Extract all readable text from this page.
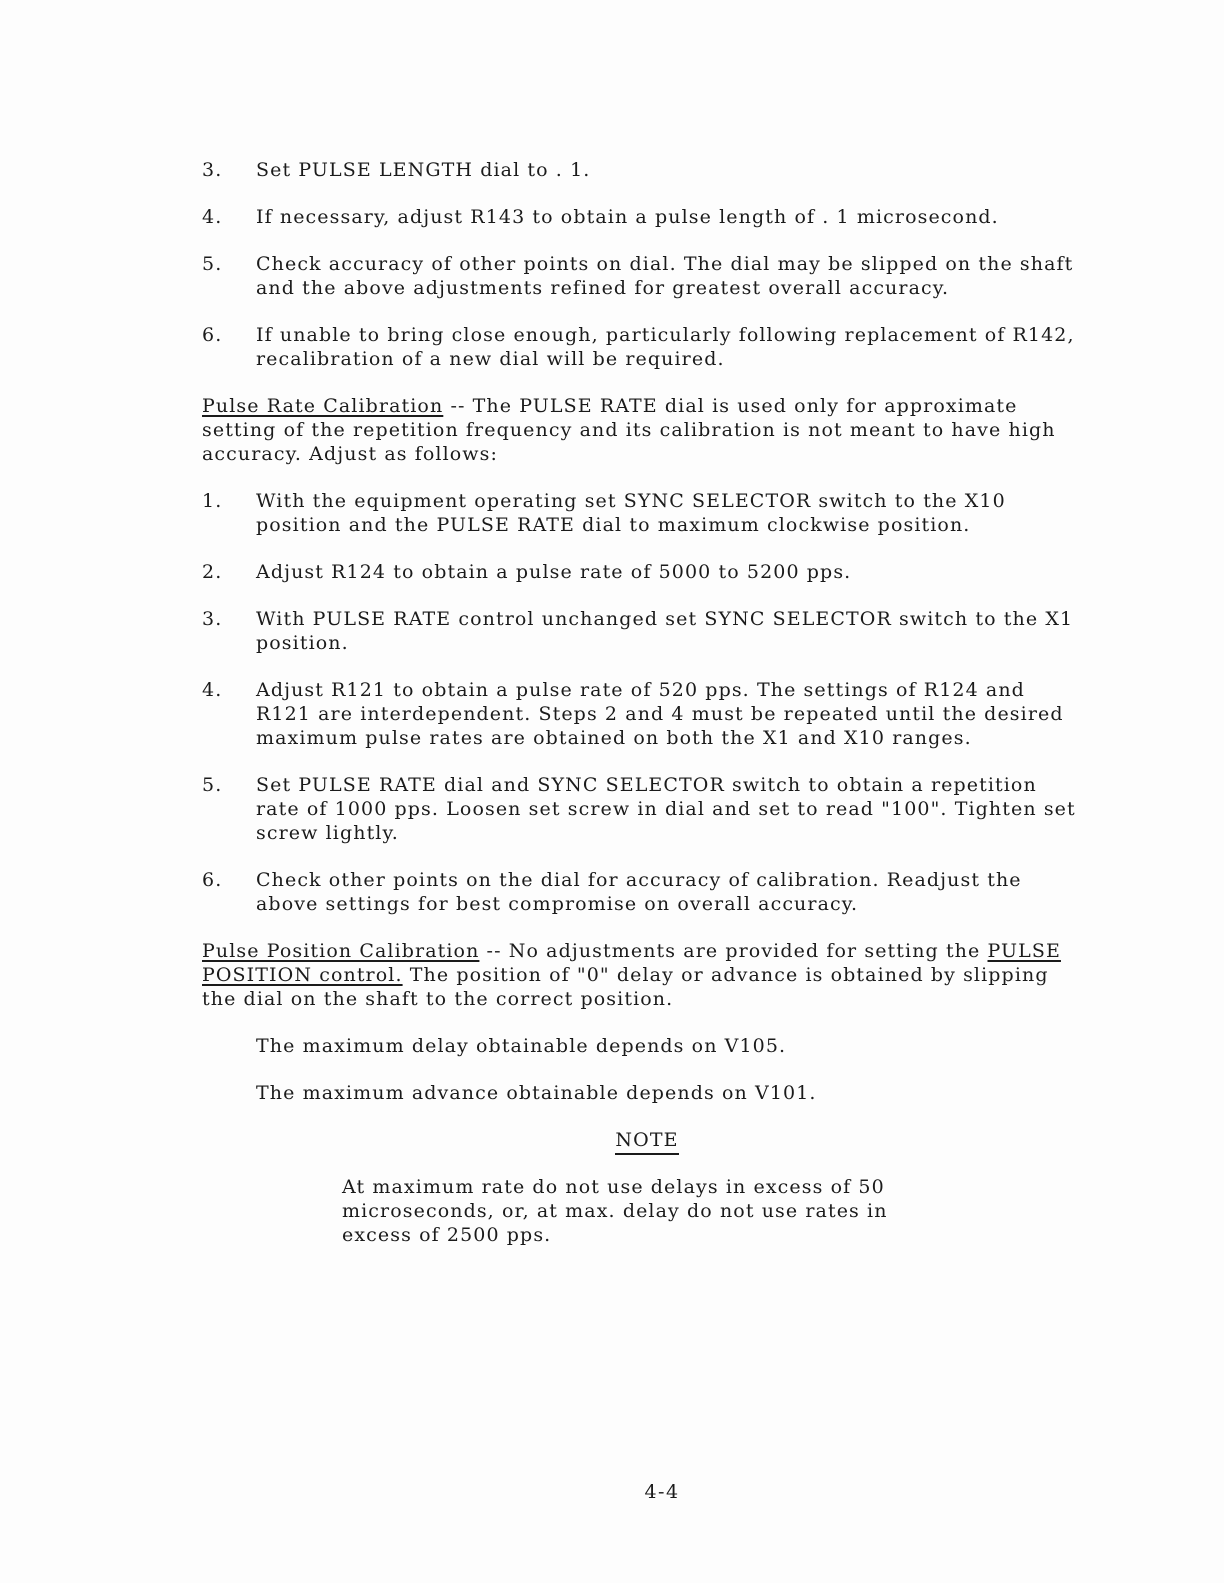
3.	Set PULSE LENGTH dial to . 1.
4.	If necessary, adjust R143 to obtain a pulse length of . 1 microsecond.
5.	Check accuracy of other points on dial. The dial may be slipped on the shaft and the above adjustments refined for greatest overall accuracy.
6.	If unable to bring close enough, particularly following replacement of R142, recalibration of a new dial will be required.

Pulse Rate Calibration -- The PULSE RATE dial is used only for approximate setting of the repetition frequency and its calibration is not meant to have high accuracy. Adjust as follows:

1.	With the equipment operating set SYNC SELECTOR switch to the X10 position and the PULSE RATE dial to maximum clockwise position.
2.	Adjust R124 to obtain a pulse rate of 5000 to 5200 pps.
3.	With PULSE RATE control unchanged set SYNC SELECTOR switch to the X1 position.
4.	Adjust R121 to obtain a pulse rate of 520 pps. The settings of R124 and R121 are interdependent. Steps 2 and 4 must be repeated until the desired maximum pulse rates are obtained on both the X1 and X10 ranges.
5.	Set PULSE RATE dial and SYNC SELECTOR switch to obtain a repetition rate of 1000 pps. Loosen set screw in dial and set to read "100". Tighten set screw lightly.
6.	Check other points on the dial for accuracy of calibration. Readjust the above settings for best compromise on overall accuracy.

Pulse Position Calibration -- No adjustments are provided for setting the PULSE POSITION control. The position of "0" delay or advance is obtained by slipping the dial on the shaft to the correct position.

The maximum delay obtainable depends on V105.

The maximum advance obtainable depends on V101.

NOTE
At maximum rate do not use delays in excess of 50 microseconds, or, at max. delay do not use rates in excess of 2500 pps.
4-4
